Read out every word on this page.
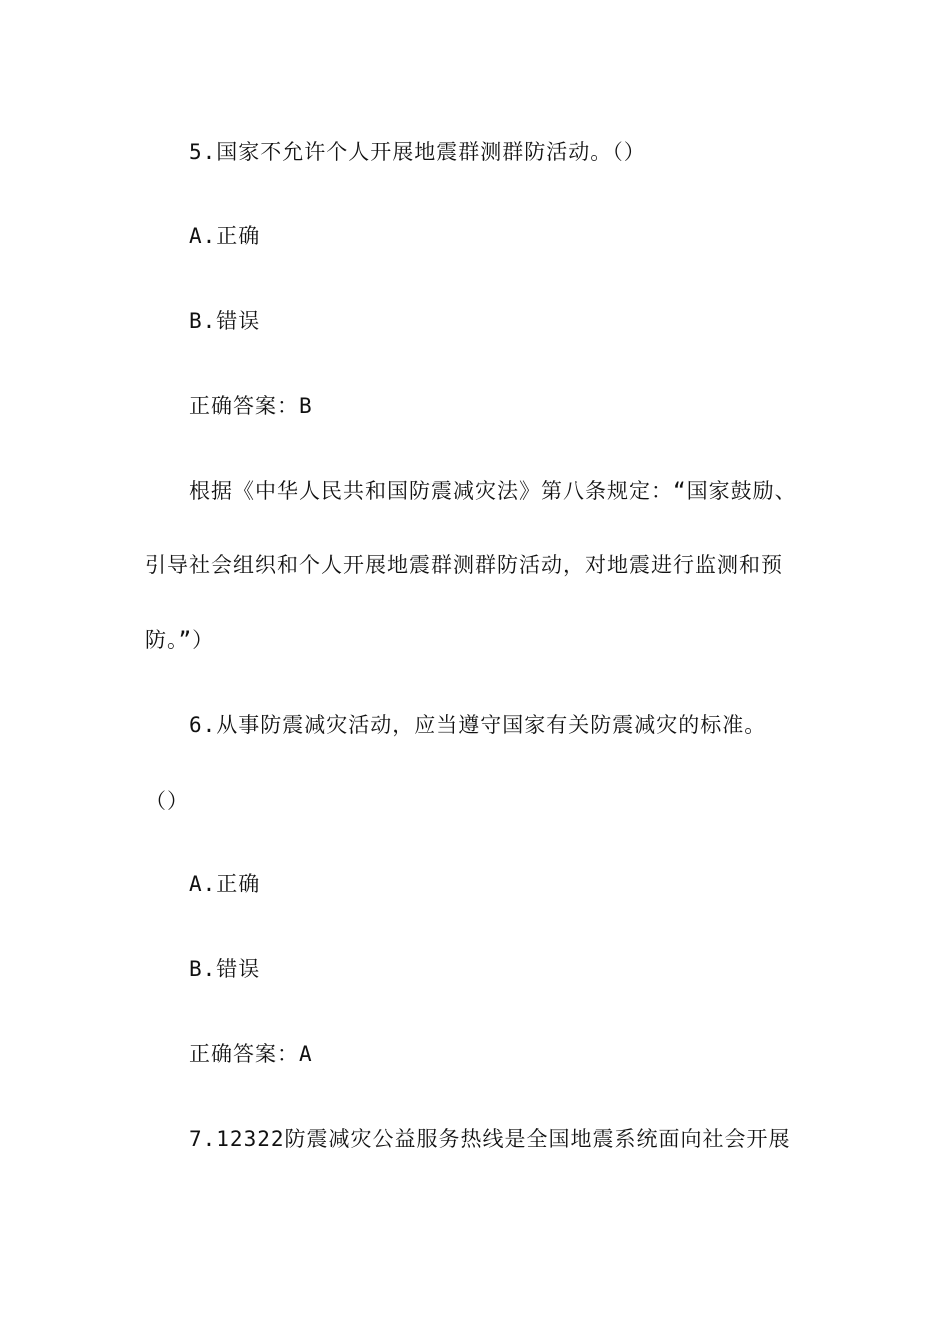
5.国家不允许个人开展地震群测群防活动。（）
A.正确
B.错误
正确答案：B
根据《中华人民共和国防震减灾法》第八条规定：“国家鼓励、
引导社会组织和个人开展地震群测群防活动，对地震进行监测和预
防。”）
6.从事防震减灾活动，应当遵守国家有关防震减灾的标准。
（）
A.正确
B.错误
正确答案：A
7.12322防震减灾公益服务热线是全国地震系统面向社会开展
